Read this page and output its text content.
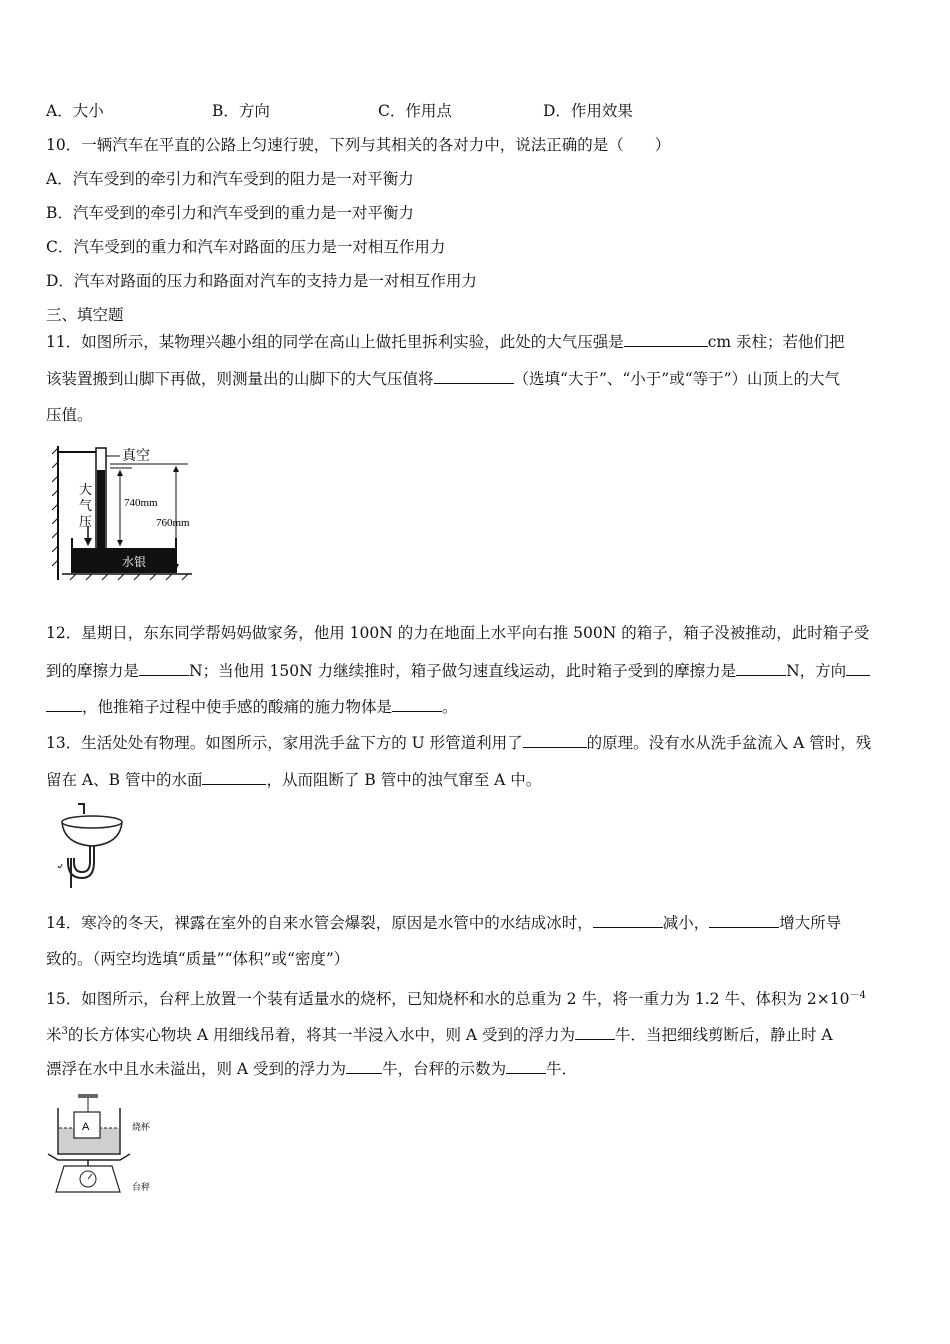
A．大小	B．方向	C．作用点	D．作用效果
10．一辆汽车在平直的公路上匀速行驶，下列与其相关的各对力中，说法正确的是（　　）
A．汽车受到的牵引力和汽车受到的阻力是一对平衡力
B．汽车受到的牵引力和汽车受到的重力是一对平衡力
C．汽车受到的重力和汽车对路面的压力是一对相互作用力
D．汽车对路面的压力和路面对汽车的支持力是一对相互作用力
三、填空题
11．如图所示，某物理兴趣小组的同学在高山上做托里拆利实验，此处的大气压强是	cm 汞柱；若他们把
该装置搬到山脚下再做，则测量出的山脚下的大气压值将	（选填“大于”、“小于”或“等于”）山顶上的大气
压值。
真空
740mm
760mm
水银
大
气
压
12．星期日，东东同学帮妈妈做家务，他用 100N 的力在地面上水平向右推 500N 的箱子，箱子没被推动，此时箱子受
到的摩擦力是	N；当他用 150N 力继续推时，箱子做匀速直线运动，此时箱子受到的摩擦力是	N，方向
，他推箱子过程中使手感的酸痛的施力物体是	。
13．生活处处有物理。如图所示，家用洗手盆下方的 U 形管道利用了	的原理。没有水从洗手盆流入 A 管时，残
留在 A、B 管中的水面	，从而阻断了 B 管中的浊气窜至 A 中。
14．寒冷的冬天，裸露在室外的自来水管会爆裂，原因是水管中的水结成冰时，	减小，	增大所导
致的。（两空均选填“质量”“体积”或“密度”）
15．如图所示，台秤上放置一个装有适量水的烧杯，已知烧杯和水的总重为 2 牛，将一重力为 1.2 牛、体积为 $2\times 10^{-4}$
米$^3$的长方体实心物块 A 用细线吊着，将其一半浸入水中，则 A 受到的浮力为	牛．当把细线剪断后，静止时 A
漂浮在水中且水未溢出，则 A 受到的浮力为 牛，台秤的示数为	牛．
A	烧杯
台秤
